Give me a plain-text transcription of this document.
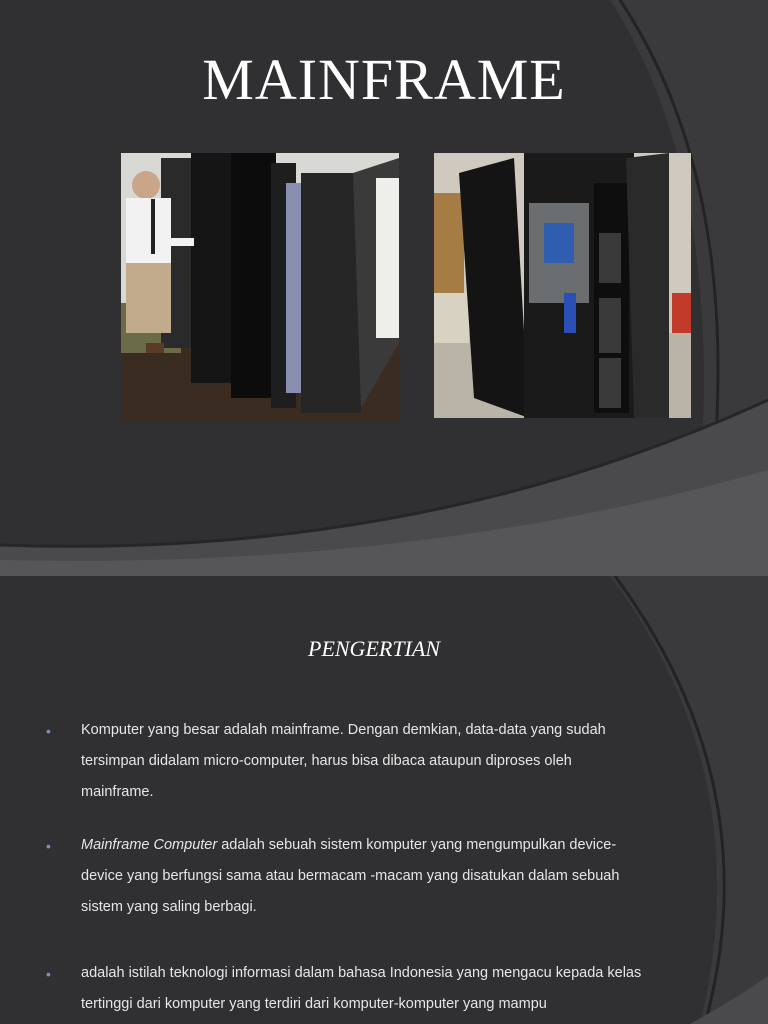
MAINFRAME
PENGERTIAN
• Komputer yang besar adalah mainframe. Dengan demkian, data-data yang sudah tersimpan didalam micro-computer, harus bisa dibaca ataupun diproses oleh mainframe.
• Mainframe Computer adalah sebuah sistem komputer yang mengumpulkan device-device yang berfungsi sama atau bermacam -macam yang disatukan dalam sebuah sistem yang saling berbagi.
• adalah istilah teknologi informasi dalam bahasa Indonesia yang mengacu kepada kelas tertinggi dari komputer yang terdiri dari komputer-komputer yang mampu
